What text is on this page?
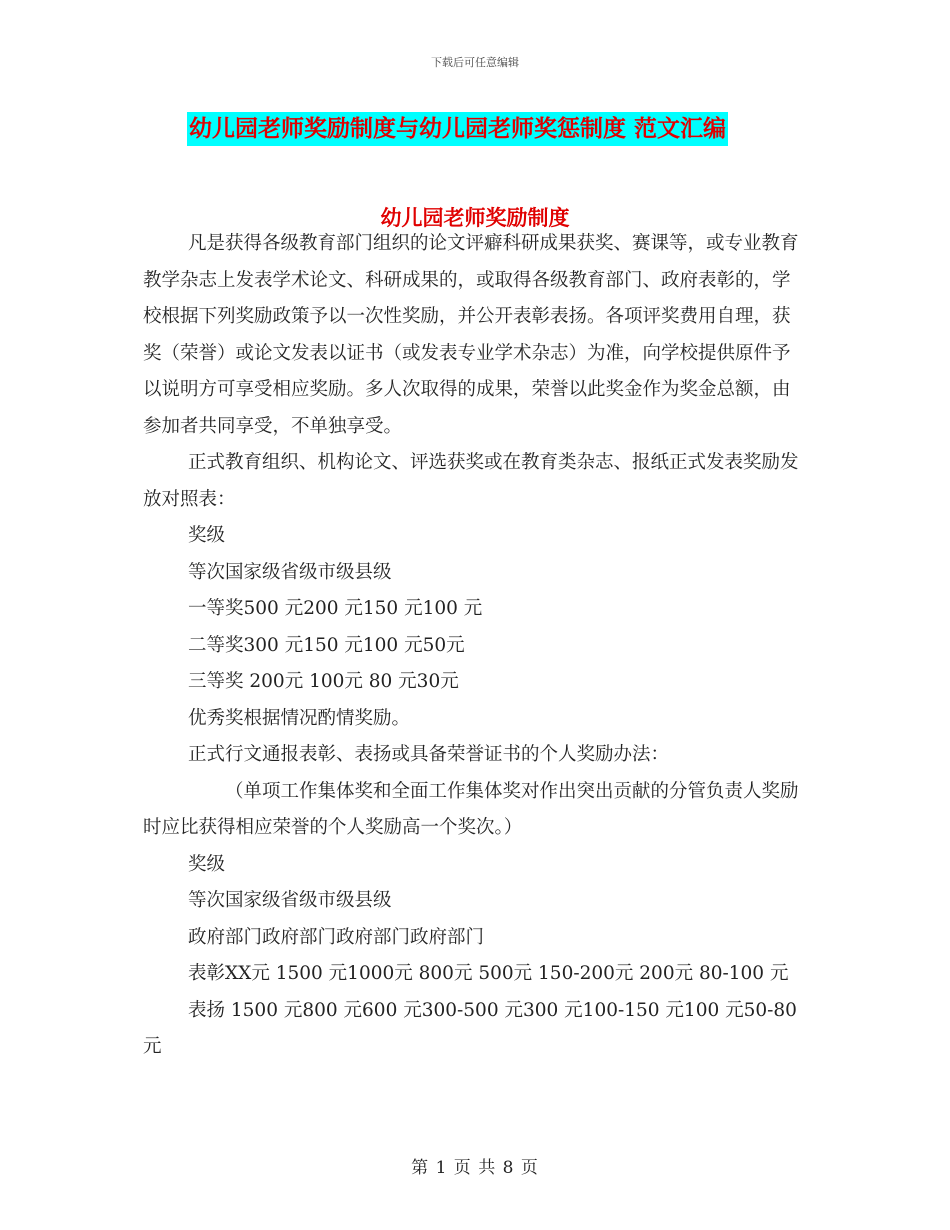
下载后可任意编辑
幼儿园老师奖励制度与幼儿园老师奖惩制度 范文汇编
幼儿园老师奖励制度

凡是获得各级教育部门组织的论文评癖科研成果获奖、赛课等，或专业教育教学杂志上发表学术论文、科研成果的，或取得各级教育部门、政府表彰的，学校根据下列奖励政策予以一次性奖励，并公开表彰表扬。各项评奖费用自理，获奖（荣誉）或论文发表以证书（或发表专业学术杂志）为准，向学校提供原件予以说明方可享受相应奖励。多人次取得的成果，荣誉以此奖金作为奖金总额，由参加者共同享受，不单独享受。

正式教育组织、机构论文、评选获奖或在教育类杂志、报纸正式发表奖励发放对照表：

奖级

等次国家级省级市级县级

一等奖500 元200 元150 元100 元

二等奖300 元150 元100 元50元

三等奖 200元 100元 80 元30元

优秀奖根据情况酌情奖励。

正式行文通报表彰、表扬或具备荣誉证书的个人奖励办法：

（单项工作集体奖和全面工作集体奖对作出突出贡献的分管负责人奖励时应比获得相应荣誉的个人奖励高一个奖次。）

奖级

等次国家级省级市级县级

政府部门政府部门政府部门政府部门

表彰XX元 1500 元1000元 800元 500元 150-200元 200元 80-100 元

表扬 1500 元800 元600 元300-500 元300 元100-150 元100 元50-80 元

第 1 页 共 8 页
